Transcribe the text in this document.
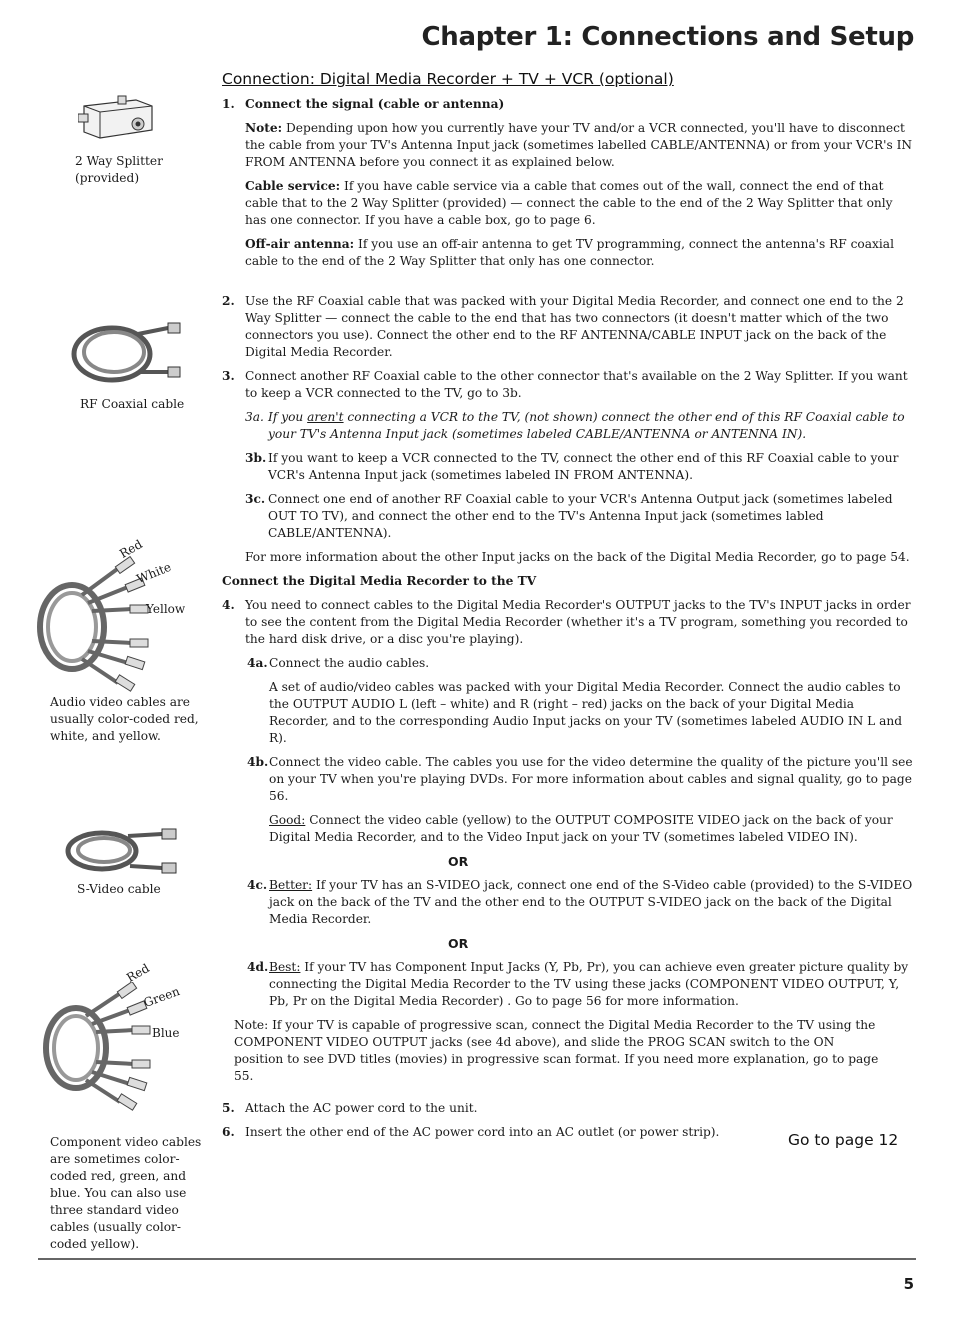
Chapter 1: Connections and Setup
Connection: Digital Media Recorder + TV + VCR (optional)
2 Way Splitter
(provided)
RF Coaxial cable
Red
White
Yellow
Audio video cables are
usually color-coded red,
white, and yellow.
S-Video cable
Red
Green
Blue
Component video cables
are sometimes color-
coded red, green, and
blue. You can also use
three standard video
cables (usually color-
coded yellow).
1. Connect the signal (cable or antenna)

Note: Depending upon how you currently have your TV and/or a VCR connected, you'll have to disconnect the cable from your TV's Antenna Input jack (sometimes labelled CABLE/ANTENNA) or from your VCR's IN FROM ANTENNA before you connect it as explained below.

Cable service: If you have cable service via a cable that comes out of the wall, connect the end of that cable that to the 2 Way Splitter (provided) — connect the cable to the end of the 2 Way Splitter that only has one connector. If you have a cable box, go to page 6.

Off-air antenna: If you use an off-air antenna to get TV programming, connect the antenna's RF coaxial cable to the end of the 2 Way Splitter that only has one connector.

2. Use the RF Coaxial cable that was packed with your Digital Media Recorder, and connect one end to the 2 Way Splitter — connect the cable to the end that has two connectors (it doesn't matter which of the two connectors you use). Connect the other end to the RF ANTENNA/CABLE INPUT jack on the back of the Digital Media Recorder.
3. Connect another RF Coaxial cable to the other connector that's available on the 2 Way Splitter. If you want to keep a VCR connected to the TV, go to 3b.
3a. If you aren't connecting a VCR to the TV, (not shown) connect the other end of this RF Coaxial cable to your TV's Antenna Input jack (sometimes labeled CABLE/ANTENNA or ANTENNA IN).
3b. If you want to keep a VCR connected to the TV, connect the other end of this RF Coaxial cable to your VCR's Antenna Input jack (sometimes labeled IN FROM ANTENNA).
3c. Connect one end of another RF Coaxial cable to your VCR's Antenna Output jack (sometimes labeled OUT TO TV), and connect the other end to the TV's Antenna Input jack (sometimes labled CABLE/ANTENNA).

For more information about the other Input jacks on the back of the Digital Media Recorder, go to page 54.

Connect the Digital Media Recorder to the TV

4. You need to connect cables to the Digital Media Recorder's OUTPUT jacks to the TV's INPUT jacks in order to see the content from the Digital Media Recorder (whether it's a TV program, something you recorded to the hard disk drive, or a disc you're playing).
4a. Connect the audio cables.

A set of audio/video cables was packed with your Digital Media Recorder. Connect the audio cables to the OUTPUT AUDIO L (left – white) and R (right – red) jacks on the back of your Digital Media Recorder, and to the corresponding Audio Input jacks on your TV (sometimes labeled AUDIO IN L and R).

4b. Connect the video cable. The cables you use for the video determine the quality of the picture you'll see on your TV when you're playing DVDs. For more information about cables and signal quality, go to page 56.

Good: Connect the video cable (yellow) to the OUTPUT COMPOSITE VIDEO jack on the back of your Digital Media Recorder, and to the Video Input jack on your TV (sometimes labeled VIDEO IN).

OR

4c. Better: If your TV has an S-VIDEO jack, connect one end of the S-Video cable (provided) to the S-VIDEO jack on the back of the TV and the other end to the OUTPUT S-VIDEO jack on the back of the Digital Media Recorder.

OR

4d. Best: If your TV has Component Input Jacks (Y, Pb, Pr), you can achieve even greater picture quality by connecting the Digital Media Recorder to the TV using these jacks (COMPONENT VIDEO OUTPUT, Y, Pb, Pr on the Digital Media Recorder) . Go to page 56 for more information.

Note: If your TV is capable of progressive scan, connect the Digital Media Recorder to the TV using the COMPONENT VIDEO OUTPUT jacks (see 4d above), and slide the PROG SCAN switch to the ON position to see DVD titles (movies) in progressive scan format. If you need more explanation, go to page 55.

5. Attach the AC power cord to the unit.
6. Insert the other end of the AC power cord into an AC outlet (or power strip).	Go to page 12
5
